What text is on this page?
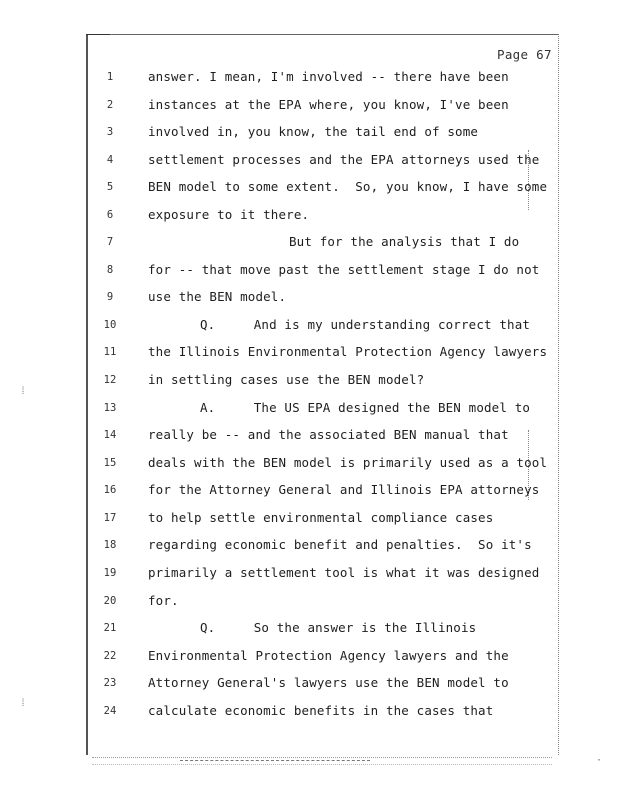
⁞
⁞
·
Page 67
1	answer. I mean, I'm involved -- there have been
2	instances at the EPA where, you know, I've been
3	involved in, you know, the tail end of some
4	settlement processes and the EPA attorneys used the
5	BEN model to some extent.  So, you know, I have some
6	exposure to it there.
7	But for the analysis that I do
8	for -- that move past the settlement stage I do not
9	use the BEN model.
10	Q.     And is my understanding correct that
11	the Illinois Environmental Protection Agency lawyers
12	in settling cases use the BEN model?
13	A.     The US EPA designed the BEN model to
14	really be -- and the associated BEN manual that
15	deals with the BEN model is primarily used as a tool
16	for the Attorney General and Illinois EPA attorneys
17	to help settle environmental compliance cases
18	regarding economic benefit and penalties.  So it's
19	primarily a settlement tool is what it was designed
20	for.
21	Q.     So the answer is the Illinois
22	Environmental Protection Agency lawyers and the
23	Attorney General's lawyers use the BEN model to
24	calculate economic benefits in the cases that
